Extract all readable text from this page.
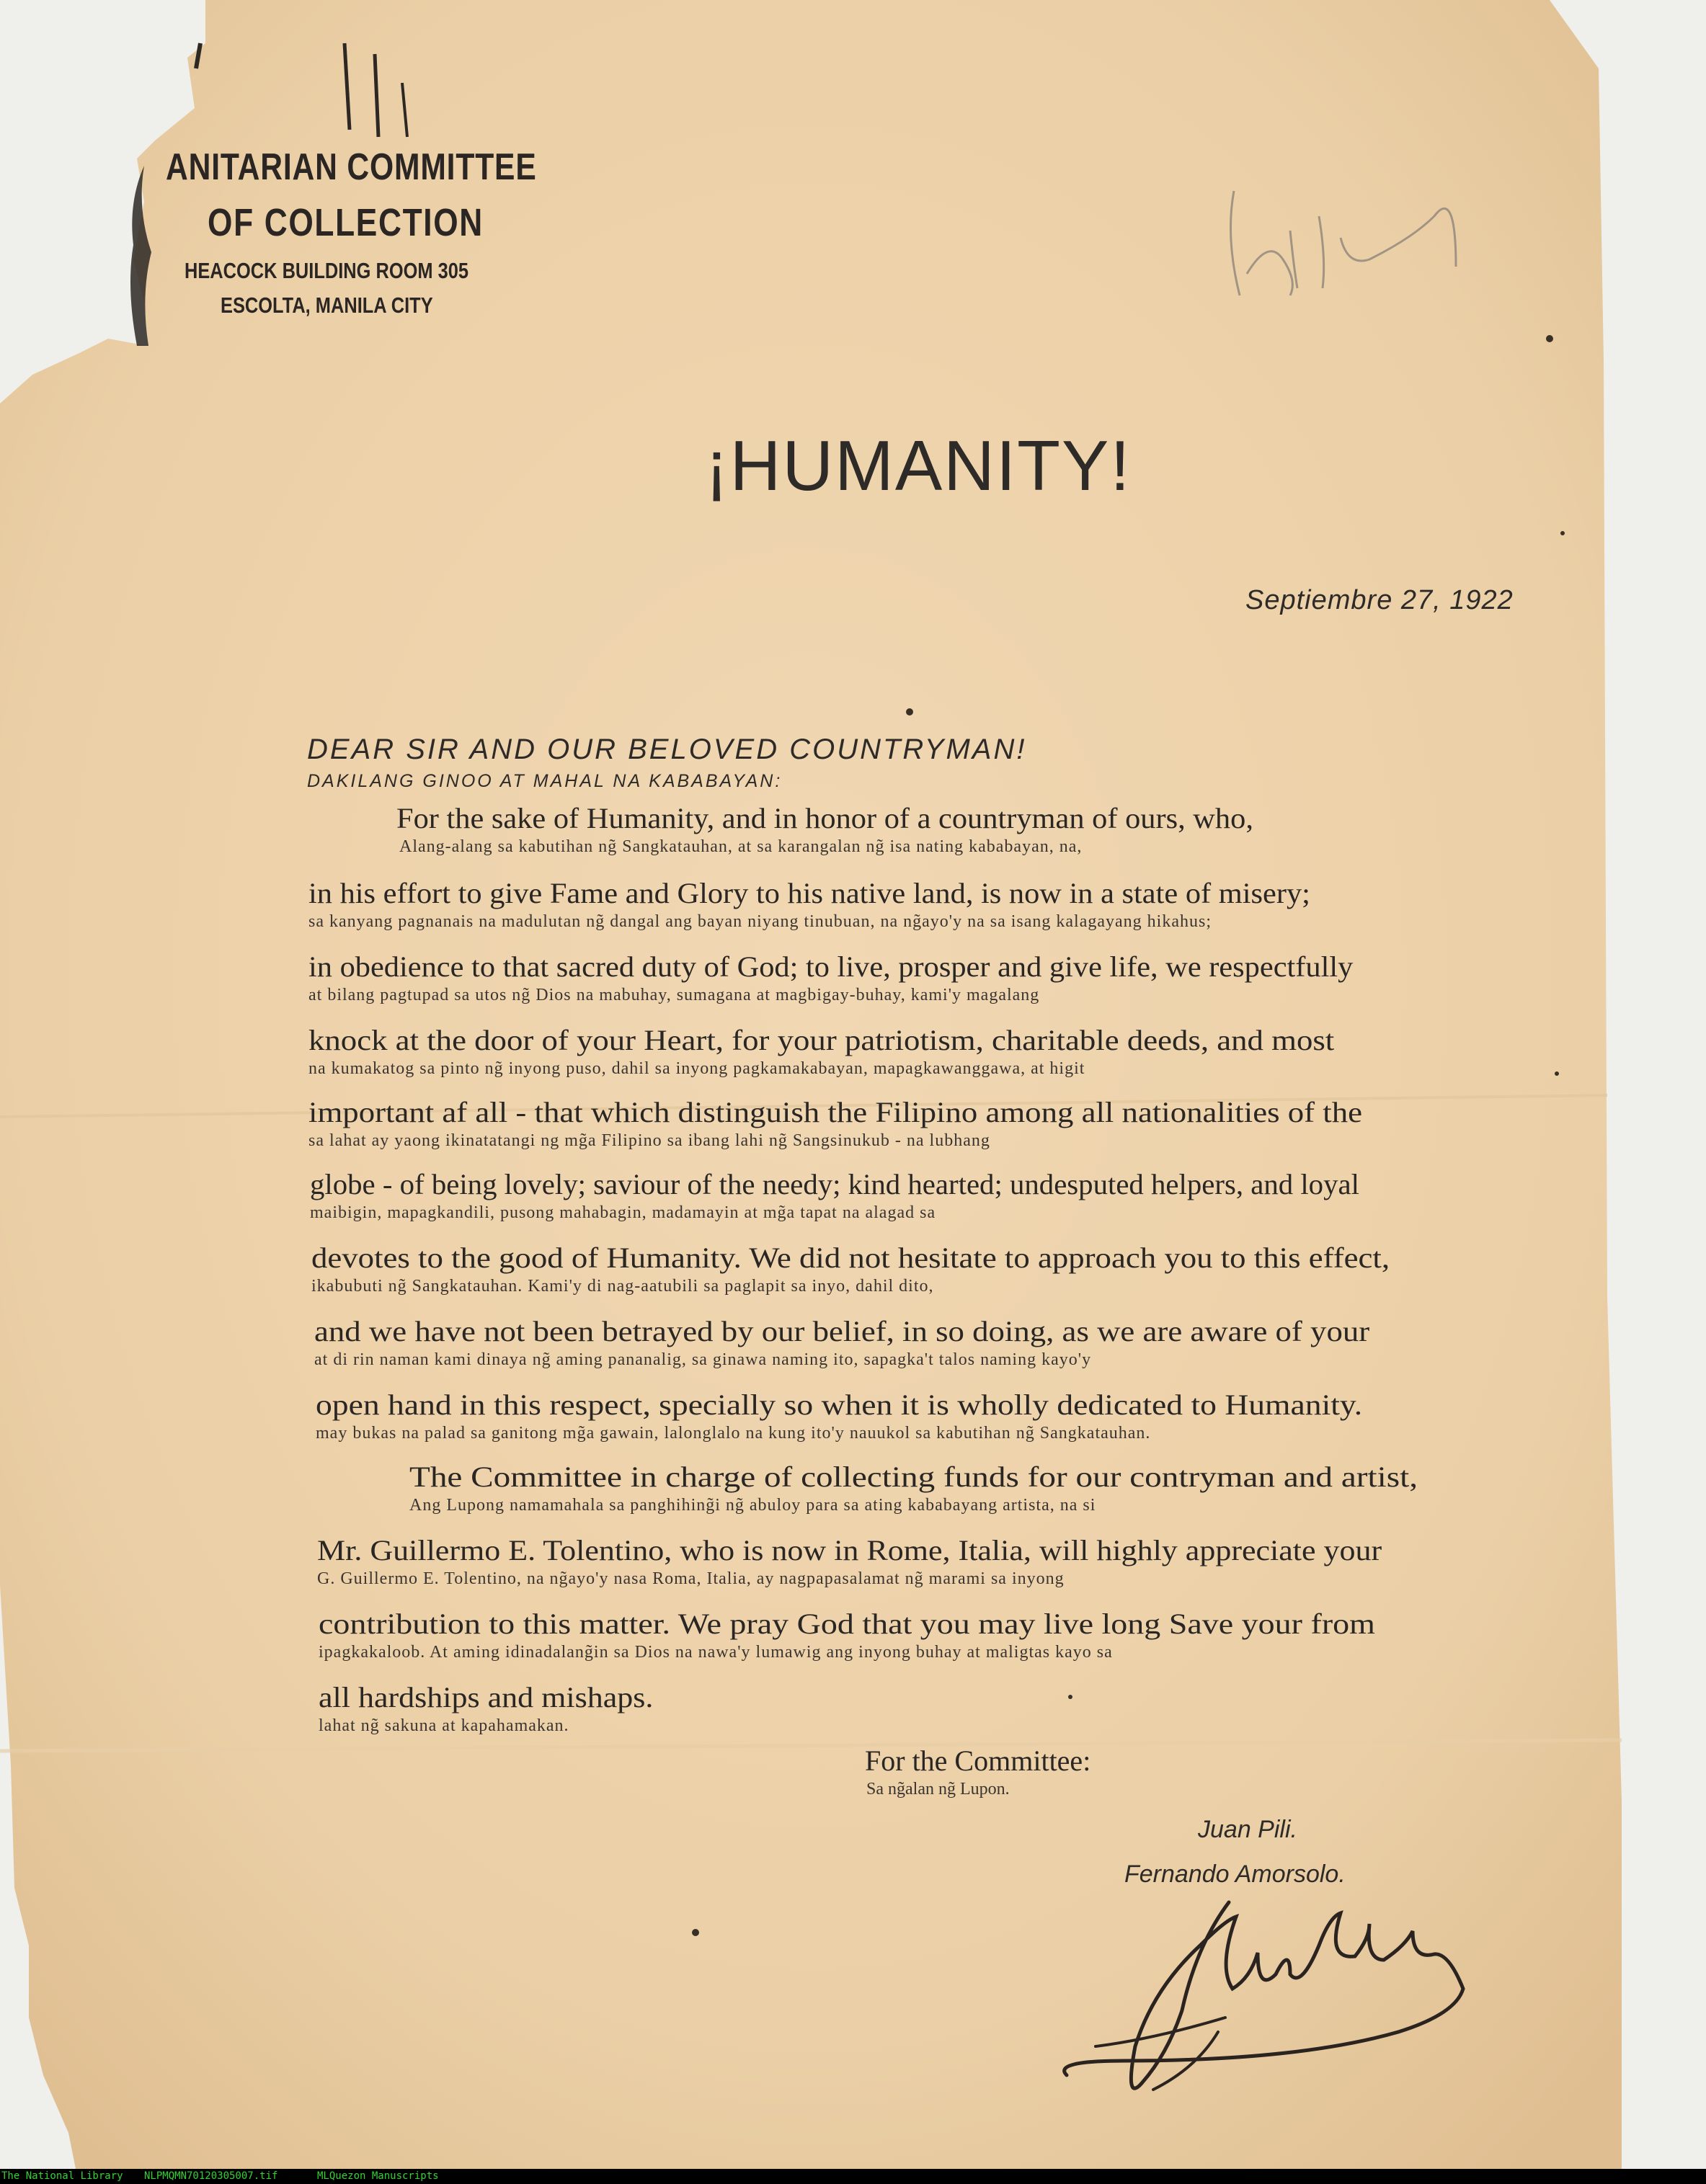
ANITARIAN COMMITTEE
OF COLLECTION
HEACOCK BUILDING ROOM 305
ESCOLTA, MANILA CITY
¡HUMANITY!
Septiembre 27, 1922
DEAR SIR AND OUR BELOVED COUNTRYMAN!
DAKILANG GINOO AT MAHAL NA KABABAYAN:
For the sake of Humanity, and in honor of a countryman of ours, who,
Alang-alang sa kabutihan ng̃ Sangkatauhan, at sa karangalan ng̃ isa nating kababayan, na,
in his effort to give Fame and Glory to his native land, is now in a state of misery;
sa kanyang pagnanais na madulutan ng̃ dangal ang bayan niyang tinubuan, na ng̃ayo'y na sa isang kalagayang hikahus;
in obedience to that sacred duty of God; to live, prosper and give life, we respectfully
at bilang pagtupad sa utos ng̃ Dios na mabuhay, sumagana at magbigay-buhay, kami'y magalang
knock at the door of your Heart, for your patriotism, charitable deeds, and most
na kumakatog sa pinto ng̃ inyong puso, dahil sa inyong pagkamakabayan, mapagkawanggawa, at higit
important af all - that which distinguish the Filipino among all nationalities of the
sa lahat ay yaong ikinatatangi ng mg̃a Filipino sa ibang lahi ng̃ Sangsinukub - na lubhang
globe - of being lovely; saviour of the needy; kind hearted; undesputed helpers, and loyal
maibigin, mapagkandili, pusong mahabagin, madamayin at mg̃a tapat na alagad sa
devotes to the good of Humanity. We did not hesitate to approach you to this effect,
ikabubuti ng̃ Sangkatauhan. Kami'y di nag-aatubili sa paglapit sa inyo, dahil dito,
and we have not been betrayed by our belief, in so doing, as we are aware of your
at di rin naman kami dinaya ng̃ aming pananalig, sa ginawa naming ito, sapagka't talos naming kayo'y
open hand in this respect, specially so when it is wholly dedicated to Humanity.
may bukas na palad sa ganitong mg̃a gawain, lalonglalo na kung ito'y nauukol sa kabutihan ng̃ Sangkatauhan.
The Committee in charge of collecting funds for our contryman and artist,
Ang Lupong namamahala sa panghihing̃i ng̃ abuloy para sa ating kababayang artista, na si
Mr. Guillermo E. Tolentino, who is now in Rome, Italia, will highly appreciate your
G. Guillermo E. Tolentino, na ng̃ayo'y nasa Roma, Italia, ay nagpapasalamat ng̃ marami sa inyong
contribution to this matter. We pray God that you may live long Save your from
ipagkakaloob. At aming idinadalang̃in sa Dios na nawa'y lumawig ang inyong buhay at maligtas kayo sa
all hardships and mishaps.
lahat ng̃ sakuna at kapahamakan.
For the Committee:
Sa ng̃alan ng̃ Lupon.
Juan Pili.
Fernando Amorsolo.
The National Library NLPMQMN70120305007.tif	MLQuezon Manuscripts
